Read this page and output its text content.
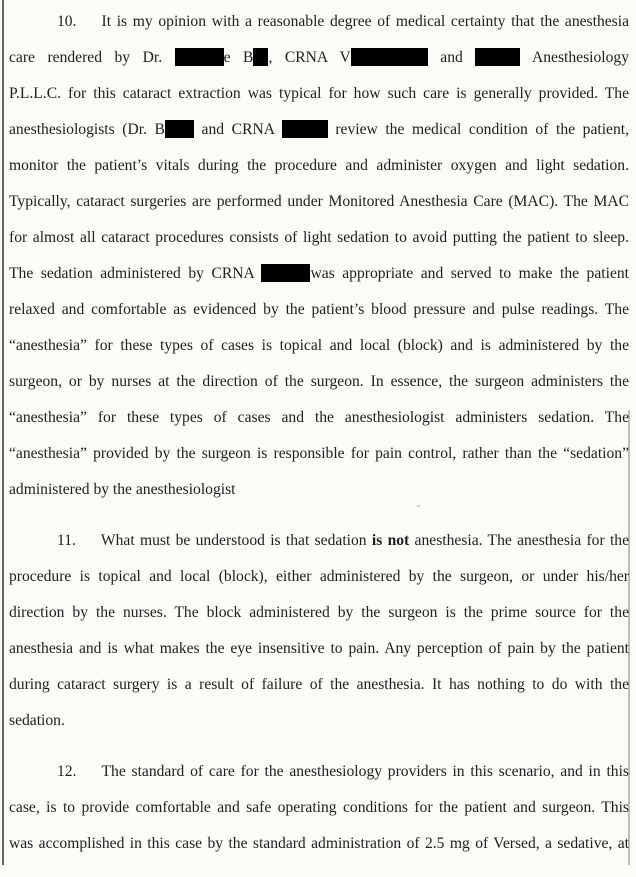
10. It is my opinion with a reasonable degree of medical certainty that the anesthesia
care rendered by Dr.	e B , CRNA V	and	Anesthesiology
P.L.L.C. for this cataract extraction was typical for how such care is generally provided. The
anesthesiologists (Dr. B and CRNA	review the medical condition of the patient,
monitor the patient’s vitals during the procedure and administer oxygen and light sedation.
Typically, cataract surgeries are performed under Monitored Anesthesia Care (MAC). The MAC
for almost all cataract procedures consists of light sedation to avoid putting the patient to sleep.
The sedation administered by CRNA	was appropriate and served to make the patient
relaxed and comfortable as evidenced by the patient’s blood pressure and pulse readings. The
“anesthesia” for these types of cases is topical and local (block) and is administered by the
surgeon, or by nurses at the direction of the surgeon. In essence, the surgeon administers the
“anesthesia” for these types of cases and the anesthesiologist administers sedation. The
“anesthesia” provided by the surgeon is responsible for pain control, rather than the “sedation”
administered by the anesthesiologist
11. What must be understood is that sedation is not anesthesia. The anesthesia for the
procedure is topical and local (block), either administered by the surgeon, or under his/her
direction by the nurses. The block administered by the surgeon is the prime source for the
anesthesia and is what makes the eye insensitive to pain. Any perception of pain by the patient
during cataract surgery is a result of failure of the anesthesia. It has nothing to do with the
sedation.
12. The standard of care for the anesthesiology providers in this scenario, and in this
case, is to provide comfortable and safe operating conditions for the patient and surgeon. This
was accomplished in this case by the standard administration of 2.5 mg of Versed, a sedative, at
